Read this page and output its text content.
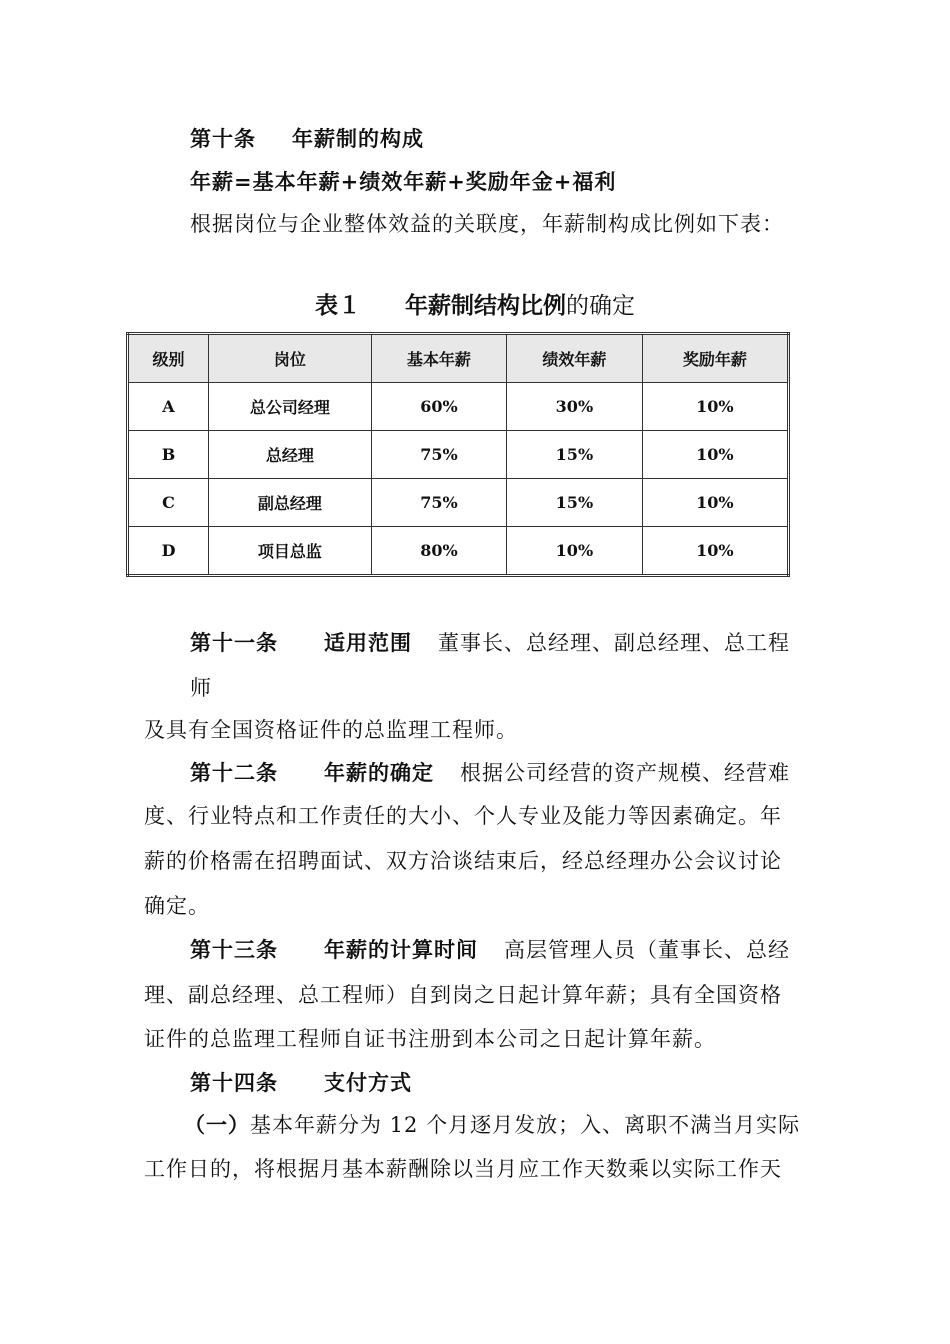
第十条 年薪制的构成
年薪=基本年薪+绩效年薪+奖励年金+福利
根据岗位与企业整体效益的关联度，年薪制构成比例如下表：
表１ 年薪制结构比例的确定
级别	岗位	基本年薪	绩效年薪	奖励年薪
A	总公司经理	60%	30%	10%
B	总经理	75%	15%	10%
C	副总经理	75%	15%	10%
D	项目总监	80%	10%	10%
第十一条 适用范围 董事长、总经理、副总经理、总工程
师
及具有全国资格证件的总监理工程师。
第十二条 年薪的确定 根据公司经营的资产规模、经营难
度、行业特点和工作责任的大小、个人专业及能力等因素确定。年
薪的价格需在招聘面试、双方洽谈结束后，经总经理办公会议讨论
确定。
第十三条 年薪的计算时间 高层管理人员（董事长、总经
理、副总经理、总工程师）自到岗之日起计算年薪；具有全国资格
证件的总监理工程师自证书注册到本公司之日起计算年薪。
第十四条 支付方式
（一）基本年薪分为 12 个月逐月发放；入、离职不满当月实际
工作日的，将根据月基本薪酬除以当月应工作天数乘以实际工作天
